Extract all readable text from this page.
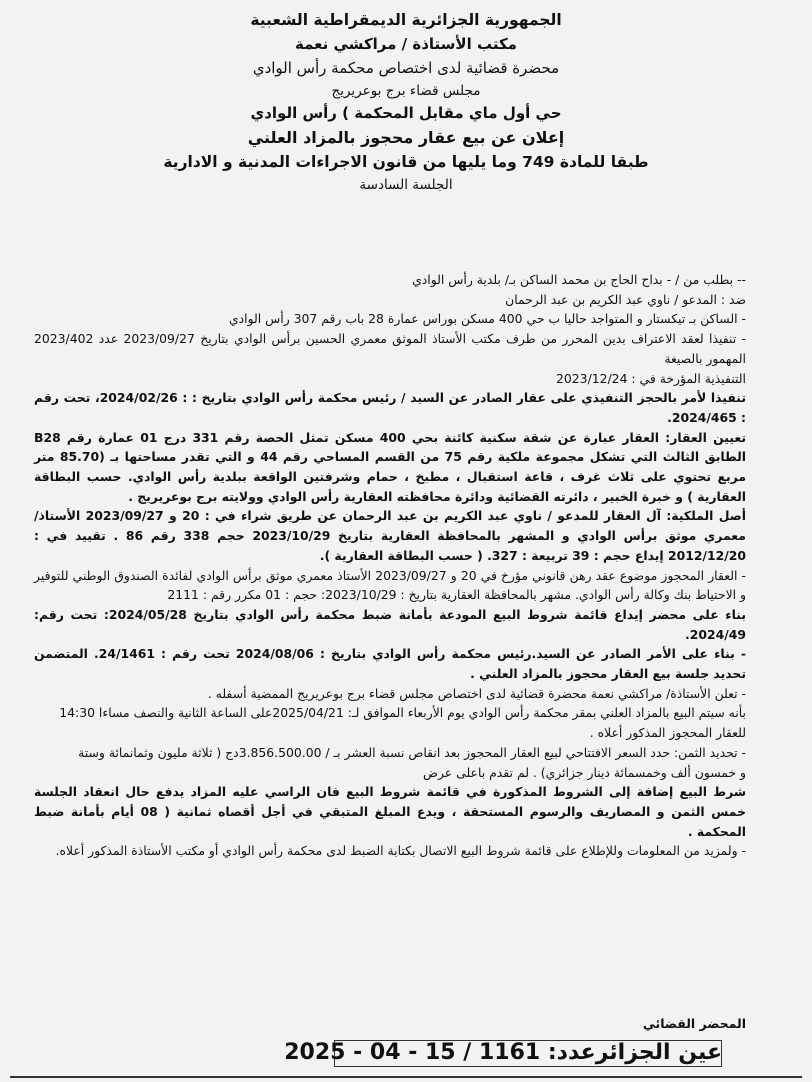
الجمهورية الجزائرية الديمقراطية الشعبية
مكتب الأستاذة / مراكشي نعمة
محضرة قضائية لدى اختصاص محكمة رأس الوادي
مجلس قضاء برج بوعريريج
حي أول ماي مقابل المحكمة ) رأس الوادي
إعلان عن بيع عقار محجوز بالمزاد العلني
طبقا للمادة 749 وما يليها من قانون الاجراءات المدنية و الادارية
الجلسة السادسة

-- بطلب من / - بداح الحاج بن محمد الساكن بـ/ بلدية رأس الوادي

ضد : المدعو / ناوي عبد الكريم بن عبد الرحمان

- الساكن بـ تيكستار و المتواجد حاليا ب حي 400 مسكن بوراس عمارة 28 باب رقم 307 رأس الوادي

- تنفيذا لعقد الاعتراف بدين المحرر من طرف مكتب الأستاذ الموثق معمري الحسين برأس الوادي بتاريخ 2023/09/27 عدد 2023/402 المهمور بالصيغة

التنفيذية المؤرخة في : 2023/12/24

تنفيذا لأمر بالحجز التنفيذي على عقار الصادر عن السيد / رئيس محكمة رأس الوادي بتاريخ : : 2024/02/26، تحت رقم : 2024/465.

تعيين العقار: العقار عبارة عن شقة سكنية كائنة بحي 400 مسكن تمثل الحصة رقم 331 درج 01 عمارة رقم B28 الطابق الثالث التي تشكل مجموعة ملكية رقم 75 من القسم المساحي رقم 44 و التي تقدر مساحتها بـ (85.70 متر مربع تحتوي على ثلاث غرف ، قاعة استقبال ، مطبخ ، حمام وشرفتين الواقعة ببلدية رأس الوادي. حسب البطاقة العقارية ) و خبرة الخبير ، دائرته القضائية ودائرة محافظته العقارية رأس الوادي وولايته برج بوعريريج .

أصل الملكية: آل العقار للمدعو / ناوي عبد الكريم بن عبد الرحمان عن طريق شراء في : 20 و 2023/09/27 الأستاذ/ معمري موثق برأس الوادي و المشهر بالمحافظة العقارية بتاريخ 2023/10/29 حجم 338 رقم 86 . تقييد في : 2012/12/20 إيداع حجم : 39 تربيعة : 327. ( حسب البطاقة العقارية ).

- العقار المحجوز موضوع عقد رهن قانوني مؤرخ في 20 و 2023/09/27 الأستاذ معمري موثق برأس الوادي لفائدة الصندوق الوطني للتوفير و الاحتياط بنك وكالة رأس الوادي. مشهر بالمحافظة العقارية بتاريخ : 2023/10/29: حجم : 01 مكرر رقم : 2111

بناء على محضر إيداع قائمة شروط البيع المودعة بأمانة ضبط محكمة رأس الوادي بتاريخ 2024/05/28: تحت رقم: 2024/49.

- بناء على الأمر الصادر عن السيد.رئيس محكمة رأس الوادي بتاريخ : 2024/08/06 تحت رقم : 24/1461. المتضمن تحديد جلسة بيع العقار محجوز بالمزاد العلني .

- تعلن الأستاذة/ مراكشي نعمة محضرة قضائية لدى اختصاص مجلس قضاء برج بوعريريج الممضية أسفله .

بأنه سيتم البيع بالمزاد العلني بمقر محكمة رأس الوادي يوم الأربعاء الموافق لـ: 2025/04/21على الساعة الثانية والنصف مساءا 14:30

للعقار المحجوز المذكور أعلاه .

- تحديد الثمن: حدد السعر الافتتاحي لبيع العقار المحجوز بعد انقاص نسبة العشر بـ / 3.856.500.00دج ( ثلاثة مليون وثمانمائة وستة

و خمسون ألف وخمسمائة دينار جزائري) . لم تقدم باعلى عرض

شرط البيع إضافة إلى الشروط المذكورة في قائمة شروط البيع فان الراسي عليه المزاد يدفع حال انعقاد الجلسة خمس الثمن و المصاريف والرسوم المستحقة ، ويدع المبلغ المتبقي في أجل أقصاه ثمانية ( 08 أيام بأمانة ضبط المحكمة .

- ولمزيد من المعلومات وللإطلاع على قائمة شروط البيع الاتصال بكتابة الضبط لدى محكمة رأس الوادي أو مكتب الأستاذة المذكور أعلاه.

المحضر القضائي
عين الجزائرعدد: 1161 / 15 - 04 - 2025
